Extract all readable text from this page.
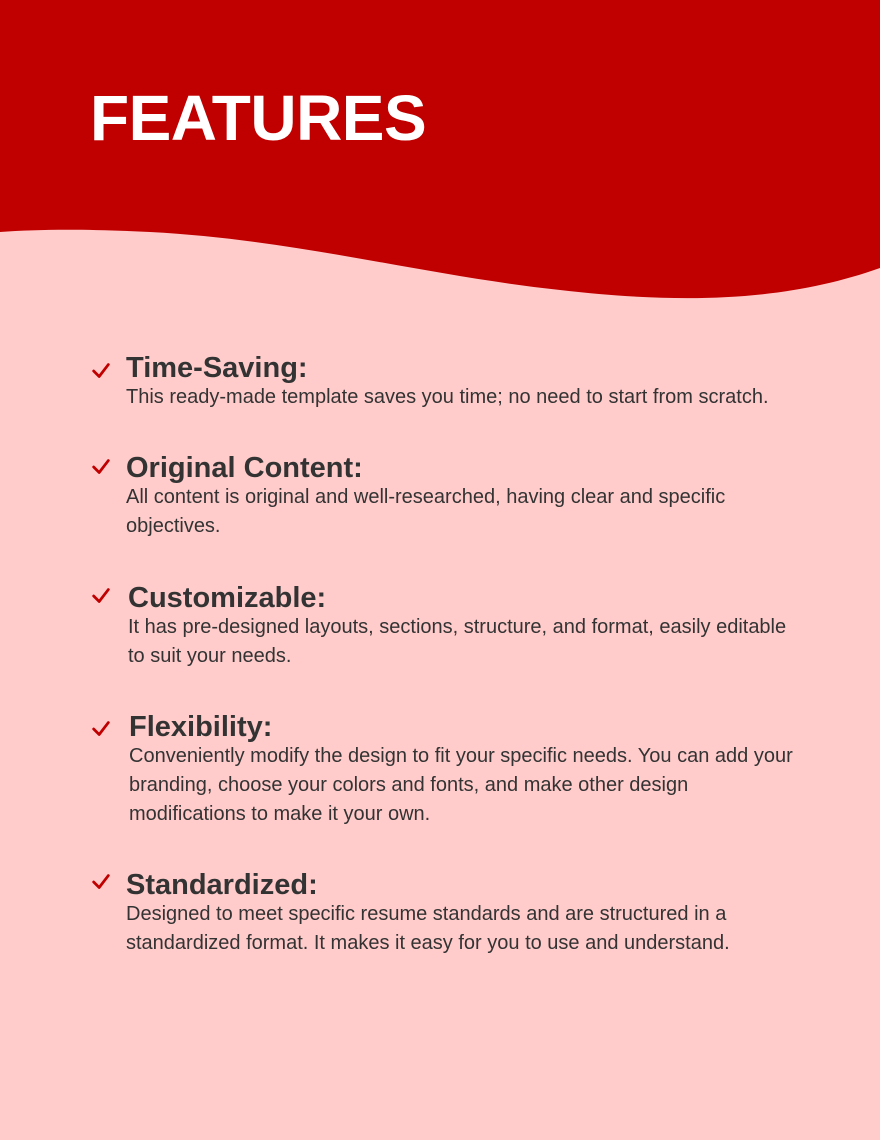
FEATURES
Time-Saving:

This ready-made template saves you time; no need to start from scratch.

Original Content:

All content is original and well-researched, having clear and specific objectives.

Customizable:

It has pre-designed layouts, sections, structure, and format, easily editable to suit your needs.

Flexibility:

Conveniently modify the design to fit your specific needs. You can add your branding, choose your colors and fonts, and make other design modifications to make it your own.

Standardized:

Designed to meet specific resume standards and are structured in a standardized format. It makes it easy for you to use and understand.
